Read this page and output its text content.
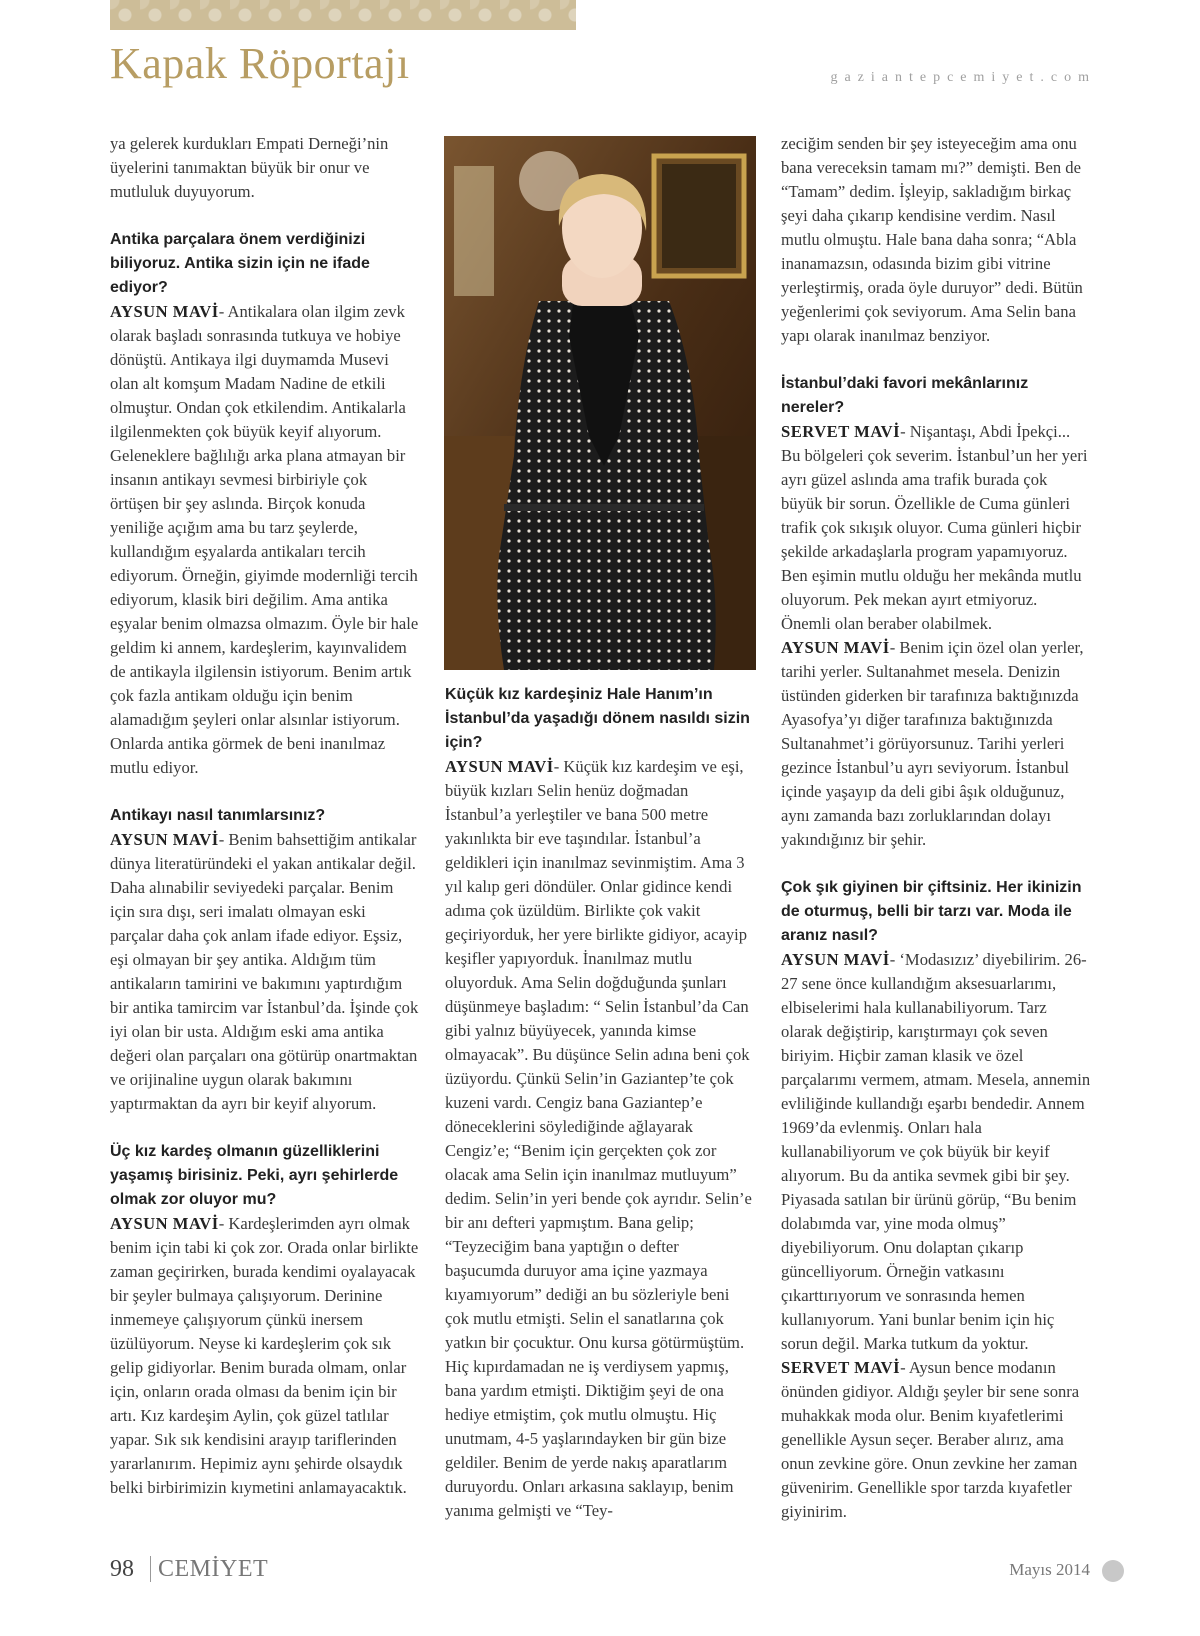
Kapak Röportajı	gaziantepcemiyet.com
ya gelerek kurdukları Empati Derneği’nin üyelerini tanımaktan büyük bir onur ve mutluluk duyuyorum.
Antika parçalara önem verdiğinizi biliyoruz. Antika sizin için ne ifade ediyor?
AYSUN MAVİ- Antikalara olan ilgim zevk olarak başladı sonrasında tutkuya ve hobiye dönüştü. Antikaya ilgi duymamda Musevi olan alt komşum Madam Nadine de etkili olmuştur. Ondan çok etkilendim. Antikalarla ilgilenmekten çok büyük keyif alıyorum. Geleneklere bağlılığı arka plana atmayan bir insanın antikayı sevmesi birbiriyle çok örtüşen bir şey aslında. Birçok konuda yeniliğe açığım ama bu tarz şeylerde, kullandığım eşyalarda antikaları tercih ediyorum. Örneğin, giyimde modernliği tercih ediyorum, klasik biri değilim. Ama antika eşyalar benim olmazsa olmazım. Öyle bir hale geldim ki annem, kardeşlerim, kayınvalidem de antikayla ilgilensin istiyorum. Benim artık çok fazla antikam olduğu için benim alamadığım şeyleri onlar alsınlar istiyorum. Onlarda antika görmek de beni inanılmaz mutlu ediyor.
Antikayı nasıl tanımlarsınız?
AYSUN MAVİ- Benim bahsettiğim antikalar dünya literatüründeki el yakan antikalar değil. Daha alınabilir seviyedeki parçalar. Benim için sıra dışı, seri imalatı olmayan eski parçalar daha çok anlam ifade ediyor. Eşsiz, eşi olmayan bir şey antika. Aldığım tüm antikaların tamirini ve bakımını yaptırdığım bir antika tamircim var İstanbul’da. İşinde çok iyi olan bir usta. Aldığım eski ama antika değeri olan parçaları ona götürüp onartmaktan ve orijinaline uygun olarak bakımını yaptırmaktan da ayrı bir keyif alıyorum.
Üç kız kardeş olmanın güzelliklerini yaşamış birisiniz. Peki, ayrı şehirlerde olmak zor oluyor mu?
AYSUN MAVİ- Kardeşlerimden ayrı olmak benim için tabi ki çok zor. Orada onlar birlikte zaman geçirirken, burada kendimi oyalayacak bir şeyler bulmaya çalışıyorum. Derinine inmemeye çalışıyorum çünkü inersem üzülüyorum. Neyse ki kardeşlerim çok sık gelip gidiyorlar. Benim burada olmam, onlar için, onların orada olması da benim için bir artı. Kız kardeşim Aylin, çok güzel tatlılar yapar. Sık sık kendisini arayıp tariflerinden yararlanırım. Hepimiz aynı şehirde olsaydık belki birbirimizin kıymetini anlamayacaktık.
Küçük kız kardeşiniz Hale Hanım’ın İstanbul’da yaşadığı dönem nasıldı sizin için?
AYSUN MAVİ- Küçük kız kardeşim ve eşi, büyük kızları Selin henüz doğmadan İstanbul’a yerleştiler ve bana 500 metre yakınlıkta bir eve taşındılar. İstanbul’a geldikleri için inanılmaz sevinmiştim. Ama 3 yıl kalıp geri döndüler. Onlar gidince kendi adıma çok üzüldüm. Birlikte çok vakit geçiriyorduk, her yere birlikte gidiyor, acayip keşifler yapıyorduk. İnanılmaz mutlu oluyorduk. Ama Selin doğduğunda şunları düşünmeye başladım: “ Selin İstanbul’da Can gibi yalnız büyüyecek, yanında kimse olmayacak”. Bu düşünce Selin adına beni çok üzüyordu. Çünkü Selin’in Gaziantep’te çok kuzeni vardı. Cengiz bana Gaziantep’e döneceklerini söylediğinde ağlayarak Cengiz’e; “Benim için gerçekten çok zor olacak ama Selin için inanılmaz mutluyum” dedim. Selin’in yeri bende çok ayrıdır. Selin’e bir anı defteri yapmıştım. Bana gelip; “Teyzeciğim bana yaptığın o defter başucumda duruyor ama içine yazmaya kıyamıyorum” dediği an bu sözleriyle beni çok mutlu etmişti. Selin el sanatlarına çok yatkın bir çocuktur. Onu kursa götürmüştüm. Hiç kıpırdamadan ne iş verdiysem yapmış, bana yardım etmişti. Diktiğim şeyi de ona hediye etmiştim, çok mutlu olmuştu. Hiç unutmam, 4-5 yaşlarındayken bir gün bize geldiler. Benim de yerde nakış aparatlarım duruyordu. Onları arkasına saklayıp, benim yanıma gelmişti ve “Tey-
zeciğim senden bir şey isteyeceğim ama onu bana vereceksin tamam mı?” demişti. Ben de “Tamam” dedim. İşleyip, sakladığım birkaç şeyi daha çıkarıp kendisine verdim. Nasıl mutlu olmuştu. Hale bana daha sonra; “Abla inanamazsın, odasında bizim gibi vitrine yerleştirmiş, orada öyle duruyor” dedi. Bütün yeğenlerimi çok seviyorum. Ama Selin bana yapı olarak inanılmaz benziyor.
İstanbul’daki favori mekânlarınız nereler?
SERVET MAVİ- Nişantaşı, Abdi İpekçi... Bu bölgeleri çok severim. İstanbul’un her yeri ayrı güzel aslında ama trafik burada çok büyük bir sorun. Özellikle de Cuma günleri trafik çok sıkışık oluyor. Cuma günleri hiçbir şekilde arkadaşlarla program yapamıyoruz. Ben eşimin mutlu olduğu her mekânda mutlu oluyorum. Pek mekan ayırt etmiyoruz. Önemli olan beraber olabilmek.
AYSUN MAVİ- Benim için özel olan yerler, tarihi yerler. Sultanahmet mesela. Denizin üstünden giderken bir tarafınıza baktığınızda Ayasofya’yı diğer tarafınıza baktığınızda Sultanahmet’i görüyorsunuz. Tarihi yerleri gezince İstanbul’u ayrı seviyorum. İstanbul içinde yaşayıp da deli gibi âşık olduğunuz, aynı zamanda bazı zorluklarından dolayı yakındığınız bir şehir.
Çok şık giyinen bir çiftsiniz. Her ikinizin de oturmuş, belli bir tarzı var. Moda ile aranız nasıl?
AYSUN MAVİ- ‘Modasızız’ diyebilirim. 26-27 sene önce kullandığım aksesuarlarımı, elbiselerimi hala kullanabiliyorum. Tarz olarak değiştirip, karıştırmayı çok seven biriyim. Hiçbir zaman klasik ve özel parçalarımı vermem, atmam. Mesela, annemin evliliğinde kullandığı eşarbı bendedir. Annem 1969’da evlenmiş. Onları hala kullanabiliyorum ve çok büyük bir keyif alıyorum. Bu da antika sevmek gibi bir şey. Piyasada satılan bir ürünü görüp, “Bu benim dolabımda var, yine moda olmuş” diyebiliyorum. Onu dolaptan çıkarıp güncelliyorum. Örneğin vatkasını çıkarttırıyorum ve sonrasında hemen kullanıyorum. Yani bunlar benim için hiç sorun değil. Marka tutkum da yoktur.
SERVET MAVİ- Aysun bence modanın önünden gidiyor. Aldığı şeyler bir sene sonra muhakkak moda olur. Benim kıyafetlerimi genellikle Aysun seçer. Beraber alırız, ama onun zevkine göre. Onun zevkine her zaman güvenirim. Genellikle spor tarzda kıyafetler giyinirim.
98 CEMİYET	Mayıs 2014
